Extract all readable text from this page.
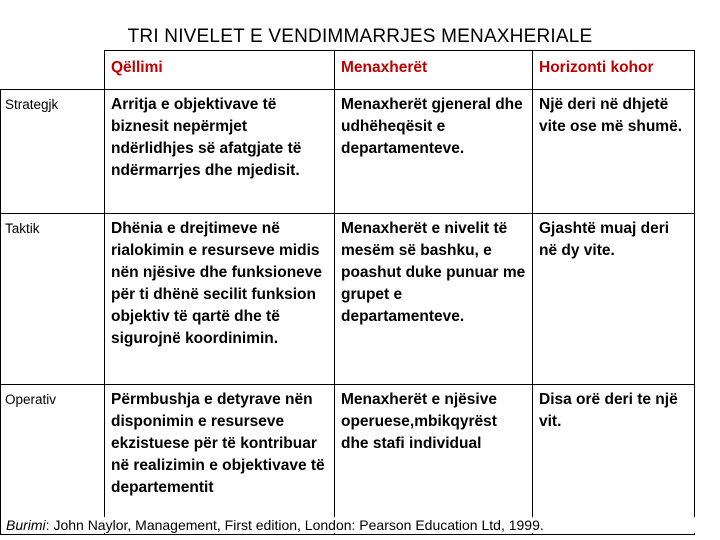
TRI NIVELET E VENDIMMARRJES MENAXHERIALE
	Qëllimi	Menaxherët	Horizonti kohor
Strategjk	Arritja e objektivave të biznesit nepërmjet ndërlidhjes së afatgjate të ndërmarrjes dhe mjedisit.	Menaxherët gjeneral dhe udhëheqësit e departamenteve.	Një deri në dhjetë vite ose më shumë.
Taktik	Dhënia e drejtimeve në rialokimin e resurseve midis nën njësive dhe funksioneve për ti dhënë secilit funksion objektiv të qartë dhe të sigurojnë koordinimin.	Menaxherët e nivelit të mesëm së bashku, e poashut duke punuar me grupet e departamenteve.	Gjashtë muaj deri në dy vite.
Operativ	Përmbushja e detyrave nën disponimin e resurseve ekzistuese për të kontribuar në realizimin e objektivave të departementit	Menaxherët e njësive operuese,mbikqyrëst dhe stafi individual	Disa orë deri te një vit.
Burimi: John Naylor, Management, First edition, London: Pearson Education Ltd, 1999.
